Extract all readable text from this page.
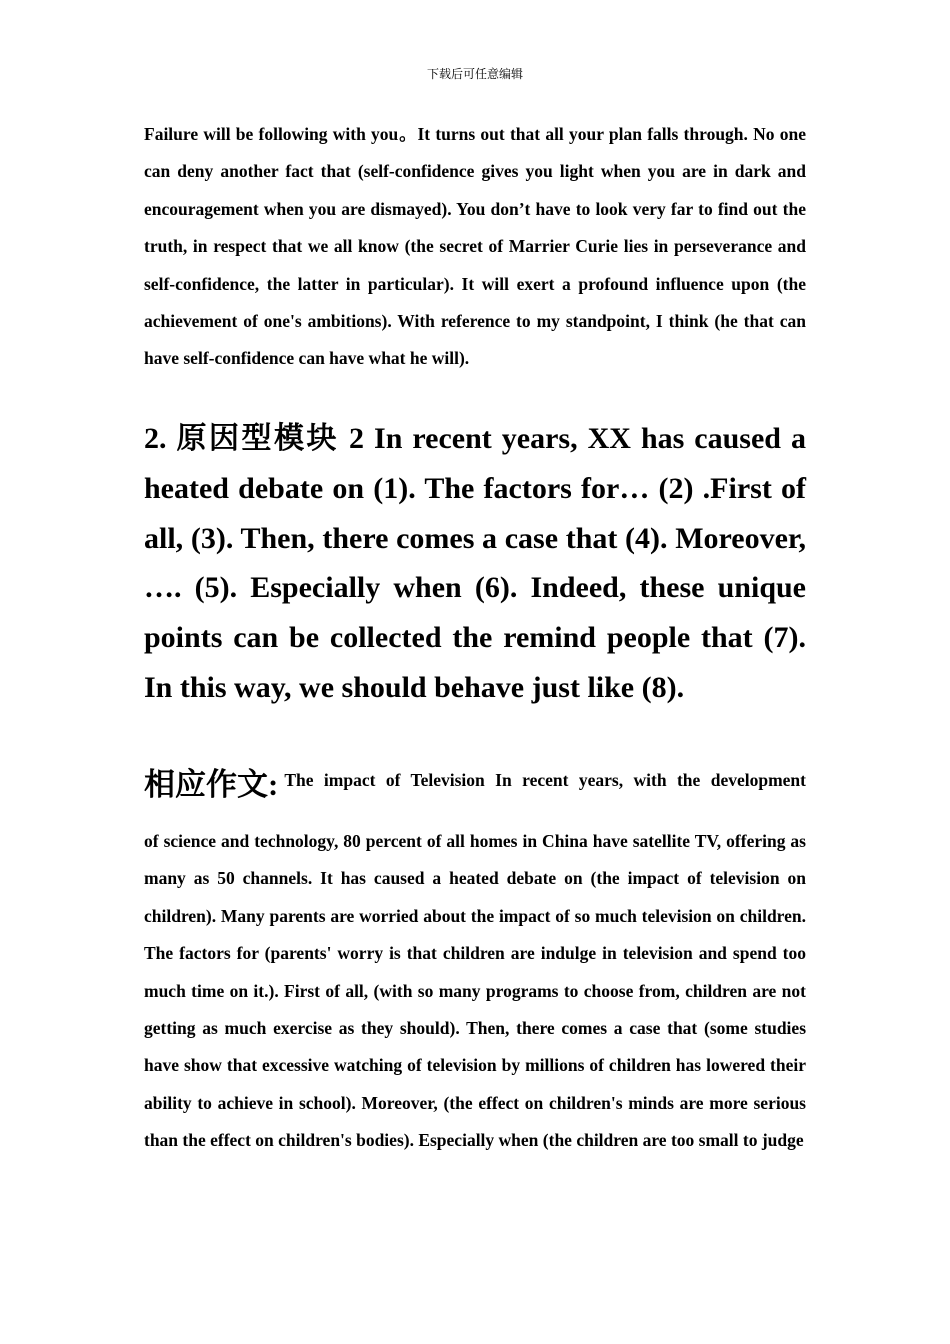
下载后可任意编辑
Failure will be following with you。It turns out that all your plan falls through. No one can deny another fact that (self-confidence gives you light when you are in dark and encouragement when you are dismayed). You don’t have to look very far to find out the truth, in respect that we all know (the secret of Marrier Curie lies in perseverance and self-confidence, the latter in particular). It will exert a profound influence upon (the achievement of one's ambitions). With reference to my standpoint, I think (he that can have self-confidence can have what he will).
2. 原因型模块 2 In recent years, XX has caused a heated debate on (1). The factors for… (2) .First of all, (3). Then, there comes a case that (4). Moreover, …. (5). Especially when (6). Indeed, these unique points can be collected the remind people that (7). In this way, we should behave just like (8).
相应作文: The impact of Television In recent years, with the development
of science and technology, 80 percent of all homes in China have satellite TV, offering as many as 50 channels. It has caused a heated debate on (the impact of television on children). Many parents are worried about the impact of so much television on children. The factors for (parents' worry is that children are indulge in television and spend too much time on it.). First of all, (with so many programs to choose from, children are not getting as much exercise as they should). Then, there comes a case that (some studies have show that excessive watching of television by millions of children has lowered their ability to achieve in school). Moreover, (the effect on children's minds are more serious than the effect on children's bodies). Especially when (the children are too small to judge
